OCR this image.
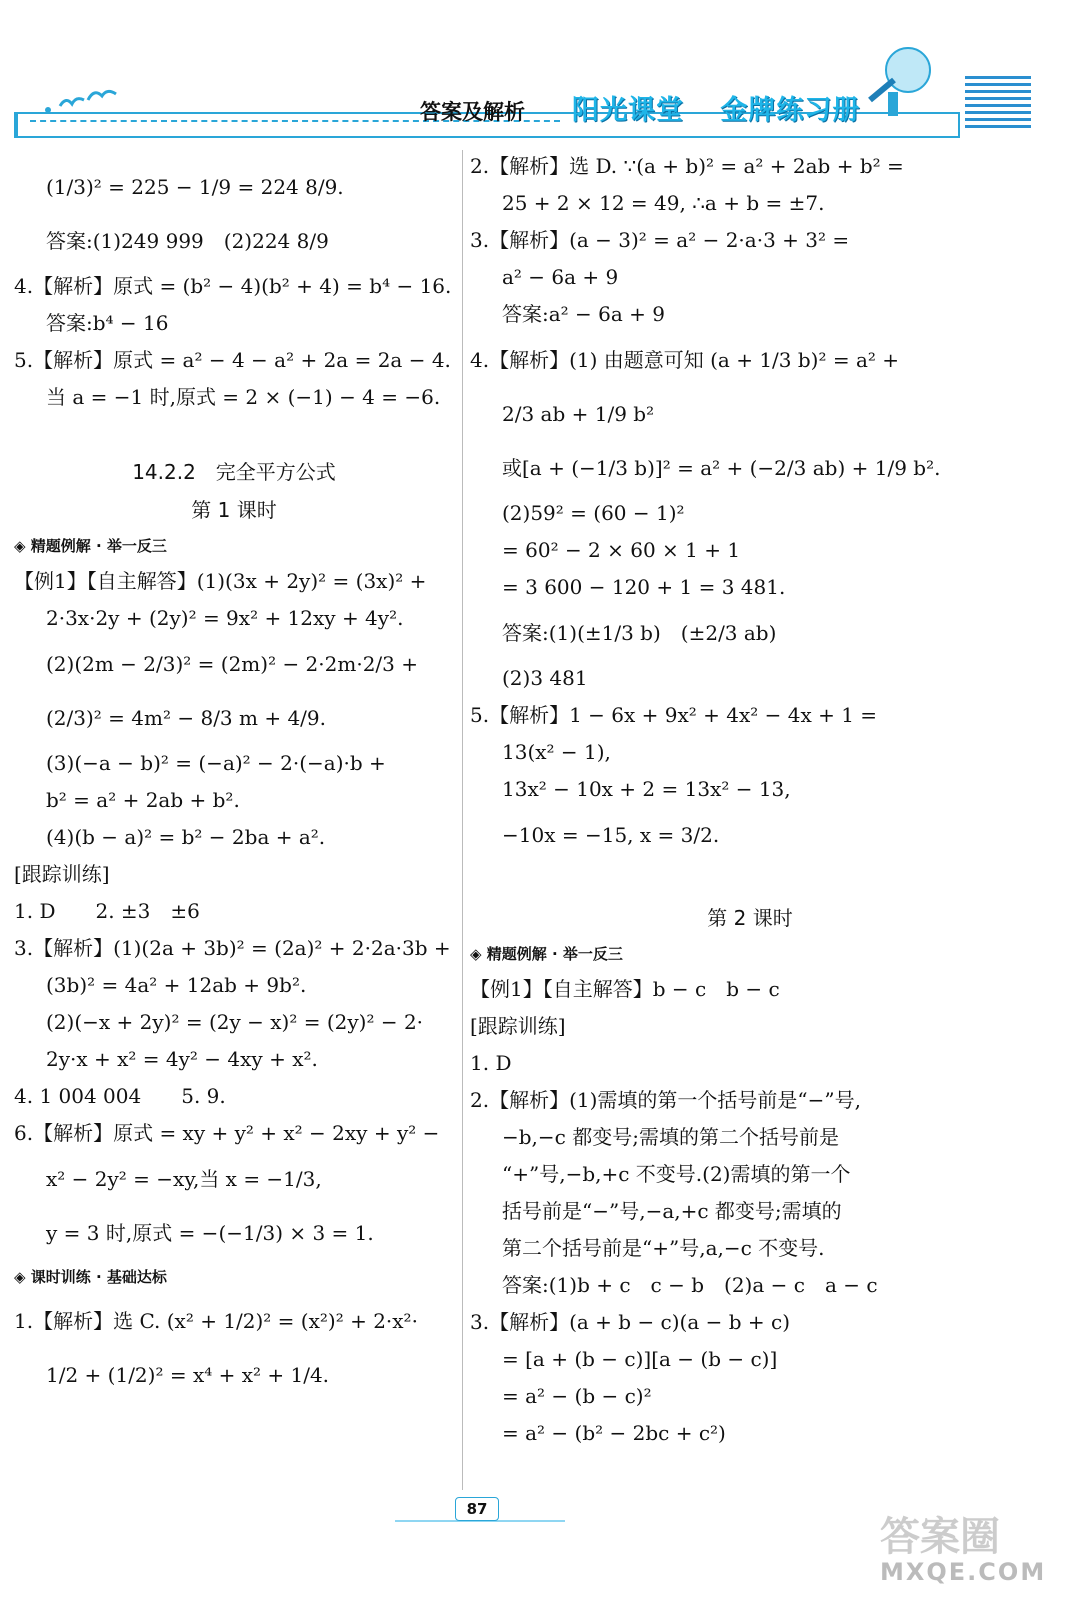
答案及解析 阳光课堂 金牌练习册
(1/3)² = 225 − 1/9 = 224 8/9.
答案:(1)249 999　(2)224 8/9
4.【解析】原式 = (b² − 4)(b² + 4) = b⁴ − 16.
答案:b⁴ − 16
5.【解析】原式 = a² − 4 − a² + 2a = 2a − 4.
当 a = −1 时,原式 = 2 × (−1) − 4 = −6.

14.2.2　完全平方公式
第 1 课时
◈ 精题例解 · 举一反三
【例1】【自主解答】(1)(3x + 2y)² = (3x)² +
2·3x·2y + (2y)² = 9x² + 12xy + 4y².
(2)(2m − 2/3)² = (2m)² − 2·2m·2/3 +
(2/3)² = 4m² − 8/3 m + 4/9.
(3)(−a − b)² = (−a)² − 2·(−a)·b +
b² = a² + 2ab + b².
(4)(b − a)² = b² − 2ba + a².
[跟踪训练]
1. D　　2. ±3　±6
3.【解析】(1)(2a + 3b)² = (2a)² + 2·2a·3b +
(3b)² = 4a² + 12ab + 9b².
(2)(−x + 2y)² = (2y − x)² = (2y)² − 2·
2y·x + x² = 4y² − 4xy + x².
4. 1 004 004　　5. 9.
6.【解析】原式 = xy + y² + x² − 2xy + y² −
x² − 2y² = −xy,当 x = −1/3,
y = 3 时,原式 = −(−1/3) × 3 = 1.
◈ 课时训练 · 基础达标
1.【解析】选 C. (x² + 1/2)² = (x²)² + 2·x²·
1/2 + (1/2)² = x⁴ + x² + 1/4.
2.【解析】选 D. ∵(a + b)² = a² + 2ab + b² =
25 + 2 × 12 = 49, ∴a + b = ±7.
3.【解析】(a − 3)² = a² − 2·a·3 + 3² =
a² − 6a + 9
答案:a² − 6a + 9
4.【解析】(1) 由题意可知 (a + 1/3 b)² = a² +
2/3 ab + 1/9 b²
或[a + (−1/3 b)]² = a² + (−2/3 ab) + 1/9 b².
(2)59² = (60 − 1)²
= 60² − 2 × 60 × 1 + 1
= 3 600 − 120 + 1 = 3 481.
答案:(1)(±1/3 b)　(±2/3 ab)
(2)3 481
5.【解析】1 − 6x + 9x² + 4x² − 4x + 1 =
13(x² − 1),
13x² − 10x + 2 = 13x² − 13,
−10x = −15, x = 3/2.

第 2 课时
◈ 精题例解 · 举一反三
【例1】【自主解答】b − c　b − c
[跟踪训练]
1. D
2.【解析】(1)需填的第一个括号前是“−”号,
−b,−c 都变号;需填的第二个括号前是
“+”号,−b,+c 不变号.(2)需填的第一个
括号前是“−”号,−a,+c 都变号;需填的
第二个括号前是“+”号,a,−c 不变号.
答案:(1)b + c　c − b　(2)a − c　a − c
3.【解析】(a + b − c)(a − b + c)
= [a + (b − c)][a − (b − c)]
= a² − (b − c)²
= a² − (b² − 2bc + c²)
87
答案圈
MXQE.COM
